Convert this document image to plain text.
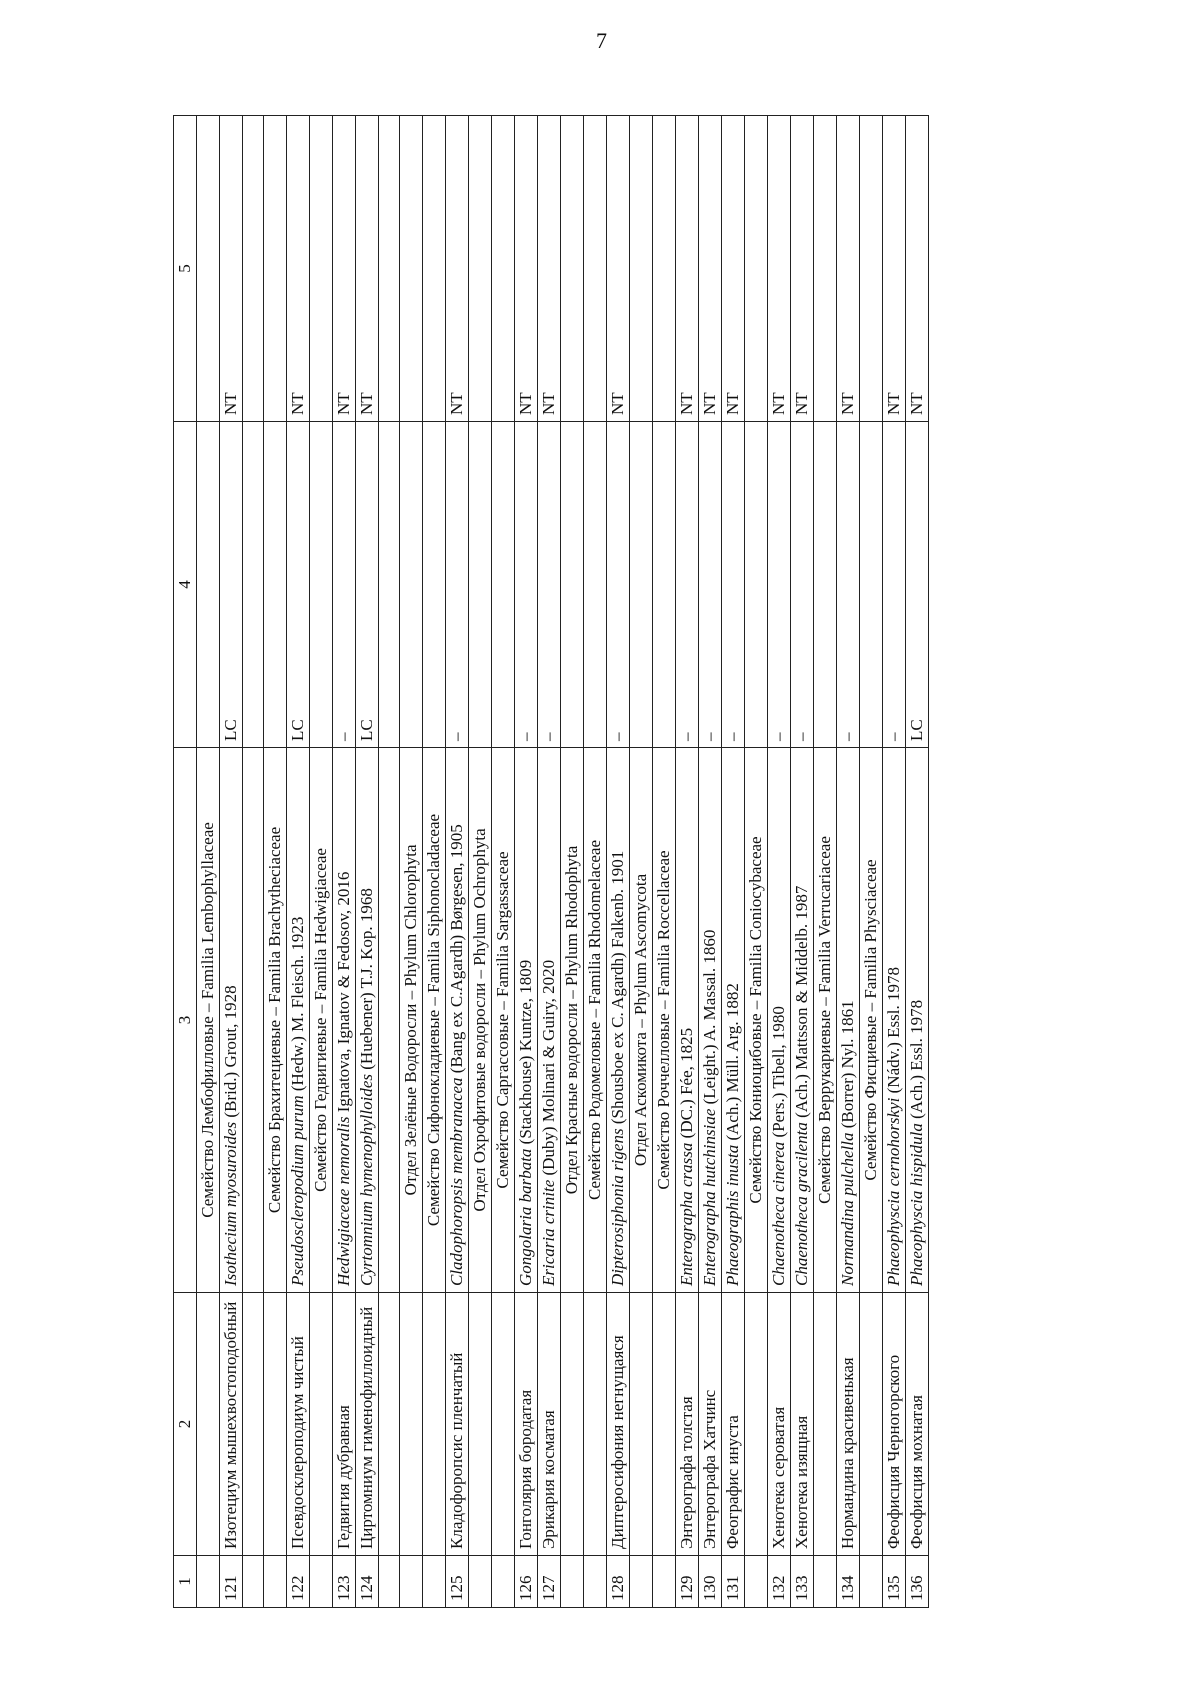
7
1	2	3	4	5
		Семейство Лембофилловые – Familia Lembophyllaceae		
121	Изотециум мышехвостоподобный	Isothecium myosuroides (Brid.) Grout, 1928	LC	NT

		Семейство Брахитециевые – Familia Brachytheciaceae		
122	Псевдосклероподиум чистый	Pseudoscleropodium purum (Hedw.) M. Fleisch. 1923	LC	NT
		Семейство Гедвигиевые – Familia Hedwigiaceae		
123	Гедвигия дубравная	Hedwigiaceae nemoralis Ignatova, Ignatov & Fedosov, 2016	–	NT
124	Циртомниум гименофиллоидный	Cyrtomnium hymenophylloides (Huebener) T.J. Kop. 1968	LC	NT

		Отдел Зелёные Водоросли – Phylum Chlorophyta		
		Семейство Сифонокладиевые – Familia Siphonocladaceae		
125	Кладофоропсис пленчатый	Cladophoropsis membranacea (Bang ex C.Agardh) Børgesen, 1905	–	NT
		Отдел Охрофитовые водоросли – Phylum Ochrophyta		
		Семейство Саргассовые – Familia Sargassaceae		
126	Гонголярия бородатая	Gongolaria barbata (Stackhouse) Kuntze, 1809	–	NT
127	Эрикария косматая	Ericaria crinite (Duby) Molinari & Guiry, 2020	–	NT
		Отдел Красные водоросли – Phylum Rhodophyta		
		Семейство Родомеловые – Familia Rhodomelaceae		
128	Диптеросифония негнущаяся	Dipterosiphonia rigens (Shousboe ex C. Agardh) Falkenb. 1901	–	NT
		Отдел Аскомикота – Phylum Ascomycota		
		Семейство Роччелловые – Familia Roccellaceae		
129	Энтерографа толстая	Enterographa crassa (DC.) Fée, 1825	–	NT
130	Энтерографа Хатчинс	Enterographa hutchinsiae (Leight.) A. Massal. 1860	–	NT
131	Феографис инуста	Phaeographis inusta (Ach.) Müll. Arg. 1882	–	NT
		Семейство Кониоцибовые – Familia Coniocybaceae		
132	Хенотека сероватая	Chaenotheca cinerea (Pers.) Tibell, 1980	–	NT
133	Хенотека изящная	Chaenotheca gracilenta (Ach.) Mattsson & Middelb. 1987	–	NT
		Семейство Веррукариевые – Familia Verrucariaceae		
134	Нормандина красивенькая	Normandina pulchella (Borrer) Nyl. 1861	–	NT
		Семейство Фисциевые – Familia Physciaceae		
135	Феофисция Черногорского	Phaeophyscia cernohorskyi (Nádv.) Essl. 1978	–	NT
136	Феофисция мохнатая	Phaeophyscia hispidula (Ach.) Essl. 1978	LC	NT
